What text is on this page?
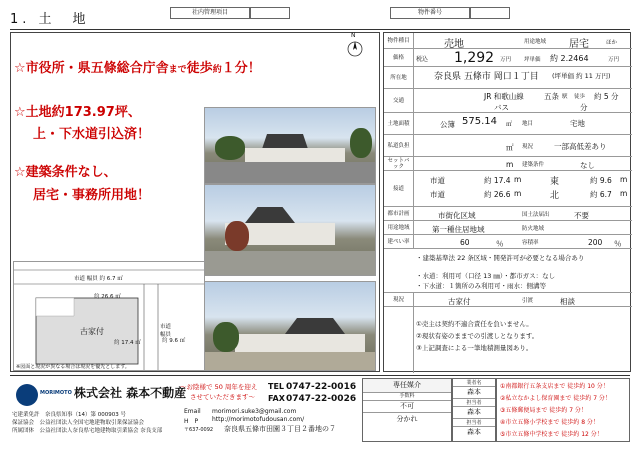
1. 土　地	社内管理項目	物件番号
☆市役所・県五條総合庁舎まで徒歩約１分！
☆土地約173.97坪、
上・下水道引込済！
☆建築条件なし、
居宅・事務所用地！
N
市道 幅員 約 6.7 ㎡
約 26.6 ㎡
古家付	市道
幅員
約 9.6 ㎡
約 17.4 ㎡
※図面と現況が異なる場合は現況を優先とします。
物件種目	売地	用途地域 居宅	ほか
価格	税込 1,292 万円 坪単価 約 2.2464	万円
所在地	奈良県 五條市 岡口１丁目 (坪単価 約 11 万円)
交通	JR 和歌山線	五条 駅 徒歩 約 5 分
バス	分
土地面積	公簿 575.14 ㎡ 地目	宅地
私道負担	㎡ 現況	一部高低差あり
セットバック	m 建築条件	なし
接道
市道	約 17.4 m	東	約 9.6 m
市道	約 26.6 m	北	約 6.7 m
都市計画	市街化区域	国土法届出	不要
用途地域	第一種住居地域	防火地域
建ぺい率	60	％	容積率	200 ％
・建築基準法 22 条区域・開発許可が必要となる場合あり
・水道：利用可（口径 13 ㎜）・都市ガス：なし
・下水道：１箇所のみ利用可・雨水：側溝等
現況	古家付	引渡	相談
①売主は契約不適合責任を負いません。
②現状有姿のままでの引渡しとなります。
③上記調査による一筆地積測量図あり。
MORIMOTO 株式会社 森本不動産
〜お陰様で 50 周年を迎え
させていただきます〜
TEL 0747-22-0016
FAX 0747-22-0026
宅建業免許　奈良県知事（14）第 000903 号
保証協会　公益社団法人全国宅地建物取引業保証協会
所属団体　公益社団法人奈良県宅地建物取引業協会 奈良支部
Email morimori.suke3@gmail.com
H　P http://morimotofudousan.com/
〒637-0092 奈良県五條市田園３丁目２番地の７
専任媒介
手数料
不可
分かれ
業者名
森本
担当者
森本
担当者
森本
①南都銀行五条支店まで 徒歩約 10 分！
②私立なかよし保育園まで 徒歩約 7 分！
③五條郵便局まで 徒歩約 7 分！
④市立五條小学校まで 徒歩約 8 分！
⑤市立五條中学校まで 徒歩約 12 分！
